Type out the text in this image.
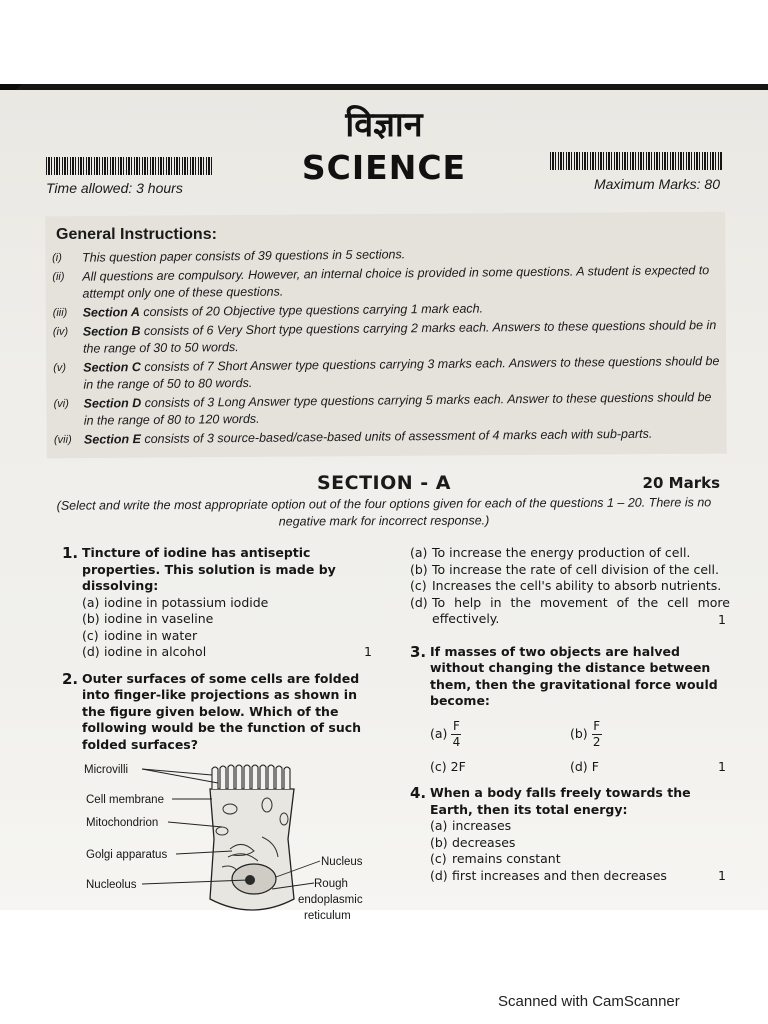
विज्ञान
SCIENCE
Time allowed: 3 hours	Maximum Marks: 80
General Instructions:
(i)	This question paper consists of 39 questions in 5 sections.
(ii)	All questions are compulsory. However, an internal choice is provided in some questions. A student is expected to attempt only one of these questions.
(iii)	Section A consists of 20 Objective type questions carrying 1 mark each.
(iv)	Section B consists of 6 Very Short type questions carrying 2 marks each. Answers to these questions should be in the range of 30 to 50 words.
(v)	Section C consists of 7 Short Answer type questions carrying 3 marks each. Answers to these questions should be in the range of 50 to 80 words.
(vi)	Section D consists of 3 Long Answer type questions carrying 5 marks each. Answer to these questions should be in the range of 80 to 120 words.
(vii) Section E consists of 3 source-based/case-based units of assessment of 4 marks each with sub-parts.
SECTION - A	20 Marks
(Select and write the most appropriate option out of the four options given for each of the questions 1 – 20. There is no negative mark for incorrect response.)
1. Tincture of iodine has antiseptic properties. This solution is made by dissolving:
(a) iodine in potassium iodide
(b) iodine in vaseline
(c) iodine in water
(d) iodine in alcohol	1
2. Outer surfaces of some cells are folded into finger-like projections as shown in the figure given below. Which of the following would be the function of such folded surfaces?
Microvilli
Cell membrane
Mitochondrion
Golgi apparatus
Nucleolus
Nucleus
Rough
endoplasmic
reticulum
(a) To increase the energy production of cell.
(b) To increase the rate of cell division of the cell.
(c) Increases the cell's ability to absorb nutrients.
(d) To help in the movement of the cell more effectively.	1
3. If masses of two objects are halved without changing the distance between them, then the gravitational force would become:
$(a) \frac{F}{4}$	$(b) \frac{F}{2}$
(c) 2F	(d) F	1
4. When a body falls freely towards the Earth, then its total energy:
(a) increases
(b) decreases
(c) remains constant
(d) first increases and then decreases	1
Scanned with CamScanner
